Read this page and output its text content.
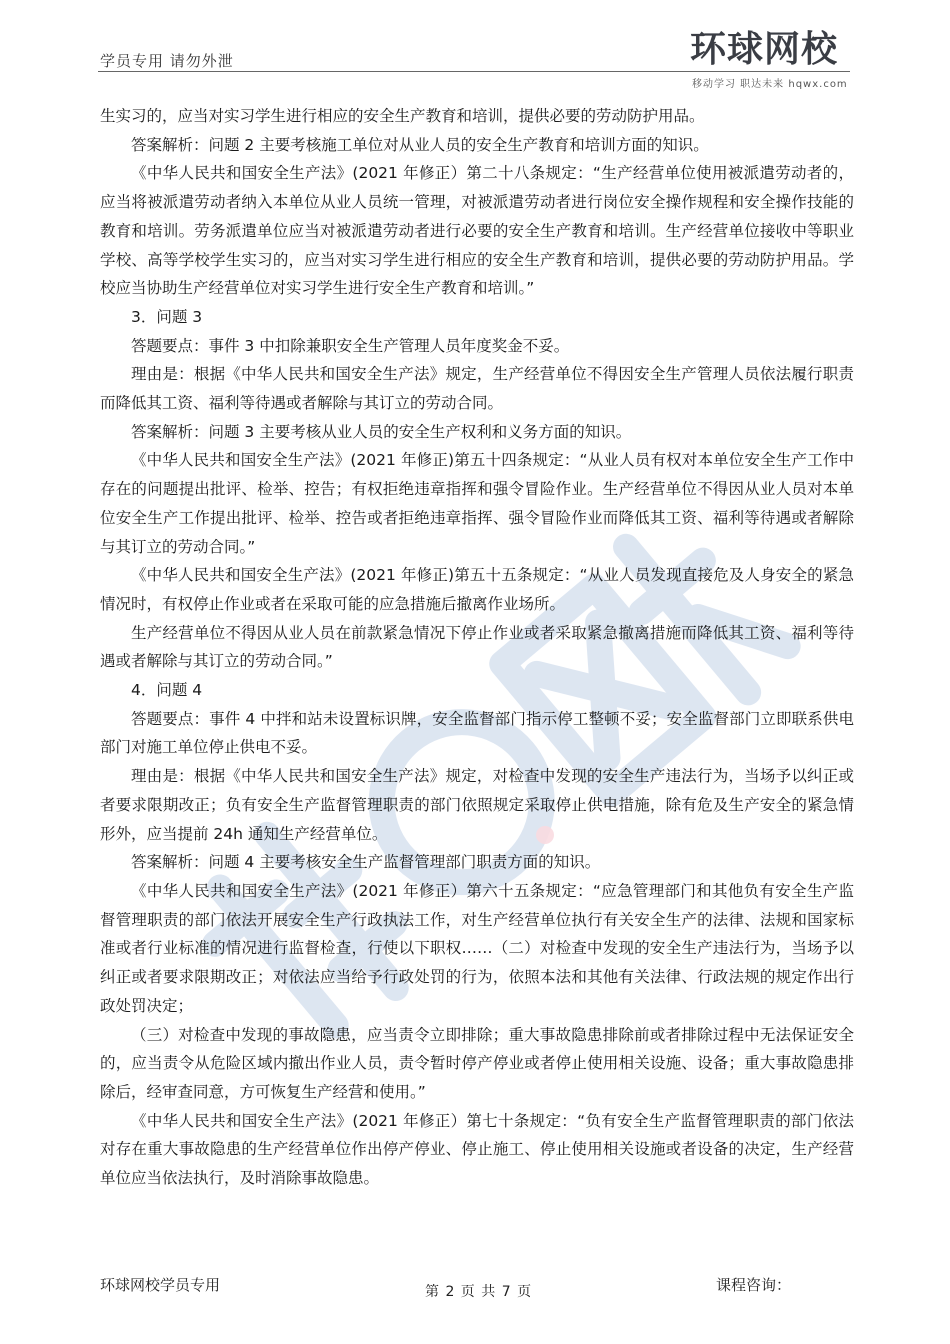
学员专用 请勿外泄	环球网校
移动学习 职达未来 hqwx.com

生实习的，应当对实习学生进行相应的安全生产教育和培训，提供必要的劳动防护用品。

答案解析：问题 2 主要考核施工单位对从业人员的安全生产教育和培训方面的知识。

《中华人民共和国安全生产法》(2021 年修正）第二十八条规定：“生产经营单位使用被派遣劳动者的，应当将被派遣劳动者纳入本单位从业人员统一管理，对被派遣劳动者进行岗位安全操作规程和安全操作技能的教育和培训。劳务派遣单位应当对被派遣劳动者进行必要的安全生产教育和培训。生产经营单位接收中等职业学校、高等学校学生实习的，应当对实习学生进行相应的安全生产教育和培训，提供必要的劳动防护用品。学校应当协助生产经营单位对实习学生进行安全生产教育和培训。”

3．问题 3

答题要点：事件 3 中扣除兼职安全生产管理人员年度奖金不妥。

理由是：根据《中华人民共和国安全生产法》规定，生产经营单位不得因安全生产管理人员依法履行职责而降低其工资、福利等待遇或者解除与其订立的劳动合同。

答案解析：问题 3 主要考核从业人员的安全生产权利和义务方面的知识。

《中华人民共和国安全生产法》(2021 年修正)第五十四条规定：“从业人员有权对本单位安全生产工作中存在的问题提出批评、检举、控告；有权拒绝违章指挥和强令冒险作业。生产经营单位不得因从业人员对本单位安全生产工作提出批评、检举、控告或者拒绝违章指挥、强令冒险作业而降低其工资、福利等待遇或者解除与其订立的劳动合同。”

《中华人民共和国安全生产法》(2021 年修正)第五十五条规定：“从业人员发现直接危及人身安全的紧急情况时，有权停止作业或者在采取可能的应急措施后撤离作业场所。

生产经营单位不得因从业人员在前款紧急情况下停止作业或者采取紧急撤离措施而降低其工资、福利等待遇或者解除与其订立的劳动合同。”

4．问题 4

答题要点：事件 4 中拌和站未设置标识牌，安全监督部门指示停工整顿不妥；安全监督部门立即联系供电部门对施工单位停止供电不妥。

理由是：根据《中华人民共和国安全生产法》规定，对检查中发现的安全生产违法行为，当场予以纠正或者要求限期改正；负有安全生产监督管理职责的部门依照规定采取停止供电措施，除有危及生产安全的紧急情形外，应当提前 24h 通知生产经营单位。

答案解析：问题 4 主要考核安全生产监督管理部门职责方面的知识。

《中华人民共和国安全生产法》(2021 年修正）第六十五条规定：“应急管理部门和其他负有安全生产监督管理职责的部门依法开展安全生产行政执法工作，对生产经营单位执行有关安全生产的法律、法规和国家标准或者行业标准的情况进行监督检查，行使以下职权……（二）对检查中发现的安全生产违法行为，当场予以纠正或者要求限期改正；对依法应当给予行政处罚的行为，依照本法和其他有关法律、行政法规的规定作出行政处罚决定；

（三）对检查中发现的事故隐患，应当责令立即排除；重大事故隐患排除前或者排除过程中无法保证安全的，应当责令从危险区域内撤出作业人员，责令暂时停产停业或者停止使用相关设施、设备；重大事故隐患排除后，经审查同意，方可恢复生产经营和使用。”

《中华人民共和国安全生产法》(2021 年修正）第七十条规定：“负有安全生产监督管理职责的部门依法对存在重大事故隐患的生产经营单位作出停产停业、停止施工、停止使用相关设施或者设备的决定，生产经营单位应当依法执行，及时消除事故隐患。

环球网校学员专用	第 2 页 共 7 页	课程咨询：
